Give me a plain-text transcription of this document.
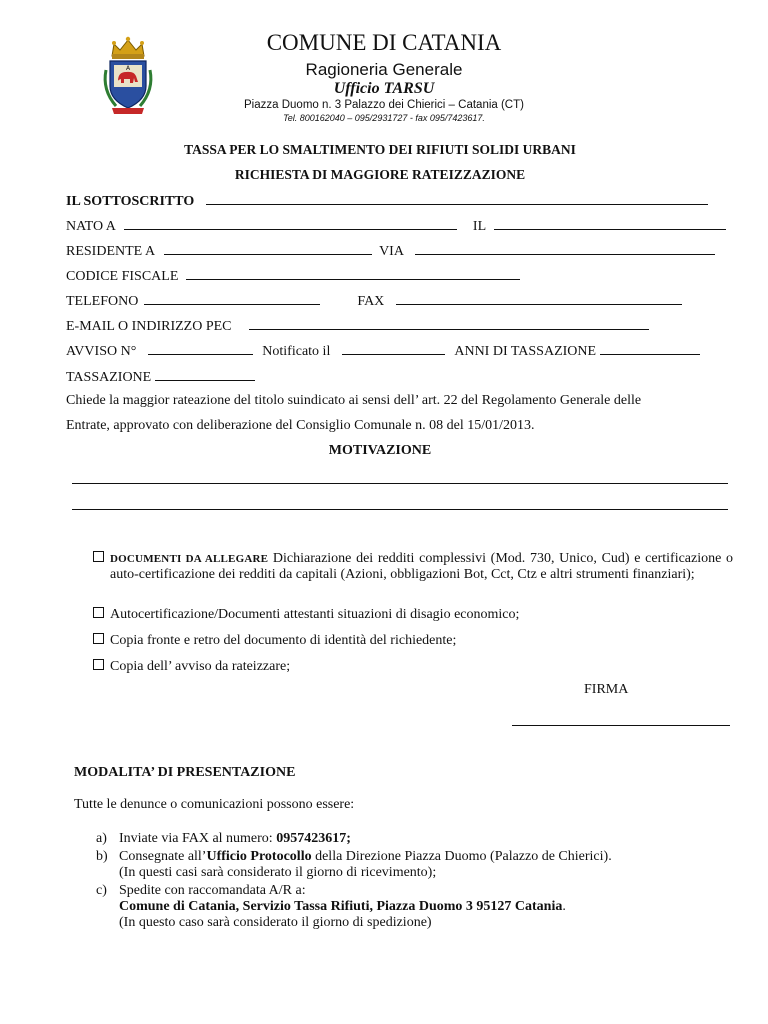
A
COMUNE DI CATANIA
Ragioneria Generale
Ufficio TARSU
Piazza Duomo n. 3 Palazzo dei Chierici – Catania (CT)
Tel. 800162040 – 095/2931727 - fax 095/7423617.
TASSA PER LO SMALTIMENTO DEI RIFIUTI SOLIDI URBANI
RICHIESTA DI MAGGIORE RATEIZZAZIONE
IL SOTTOSCRITTO
NATO A	IL
RESIDENTE A	VIA
CODICE FISCALE
TELEFONO	FAX
E-MAIL O INDIRIZZO PEC
AVVISO N°	Notificato il	ANNI DI TASSAZIONE
TASSAZIONE
Chiede la maggior rateazione del titolo suindicato ai sensi dell’ art. 22 del Regolamento Generale delle
Entrate, approvato con deliberazione del Consiglio Comunale n. 08 del 15/01/2013.
MOTIVAZIONE
DOCUMENTI DA ALLEGARE Dichiarazione dei redditi complessivi (Mod. 730, Unico, Cud) e certificazione o auto-certificazione dei redditi da capitali (Azioni, obbligazioni Bot, Cct, Ctz e altri strumenti finanziari);
Autocertificazione/Documenti attestanti situazioni di disagio economico;
Copia fronte e retro del documento di identità del richiedente;
Copia dell’ avviso da rateizzare;
FIRMA
MODALITA’ DI PRESENTAZIONE
Tutte le denunce o comunicazioni possono essere:
a) Inviate via FAX al numero: 0957423617;
b) Consegnate all’Ufficio Protocollo della Direzione Piazza Duomo (Palazzo de Chierici).
(In questi casi sarà considerato il giorno di ricevimento);
c) Spedite con raccomandata A/R a:
Comune di Catania, Servizio Tassa Rifiuti, Piazza Duomo 3 95127 Catania.
(In questo caso sarà considerato il giorno di spedizione)
